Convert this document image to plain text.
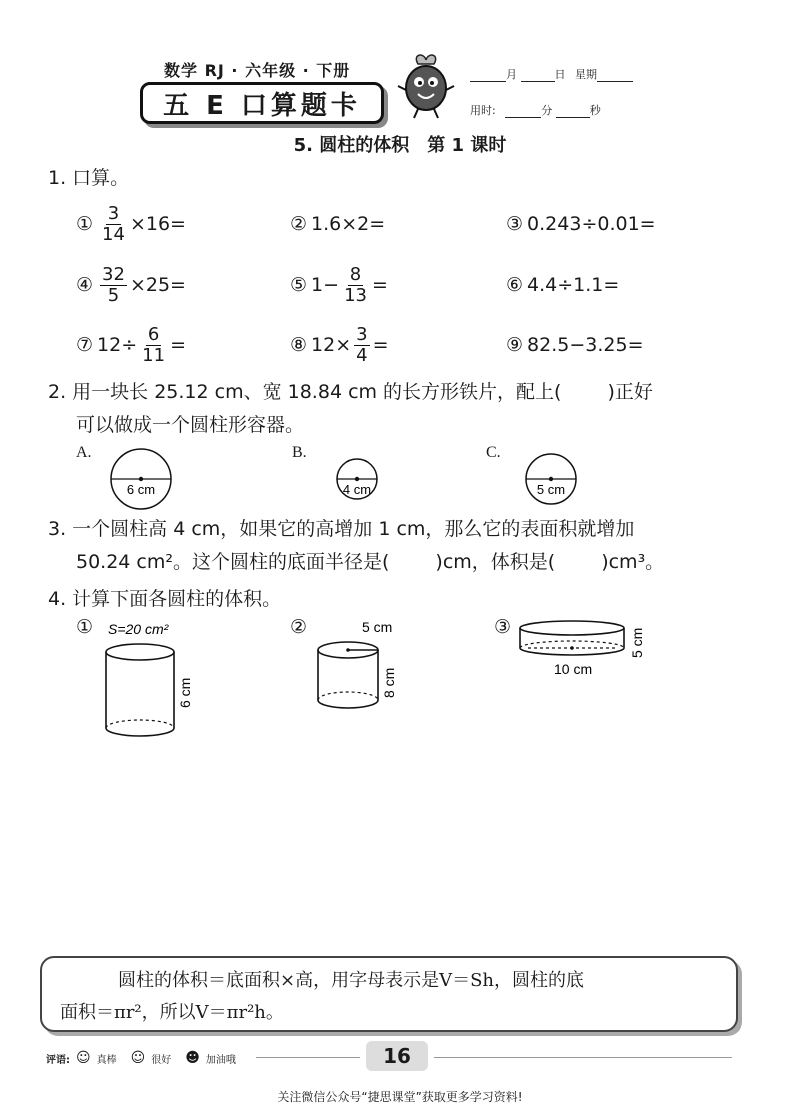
数学 RJ · 六年级 · 下册
五 E 口算题卡
月	日 星期
用时:	分	秒
5. 圆柱的体积　第 1 课时
1. 口算。
① $\frac{3}{14} \times 16=$	② 1.6×2=	③ 0.243÷0.01=
④ $\frac{32}{5} \times 25=$	⑤ $1- \frac{8}{13}$ =	⑥ 4.4÷1.1=
⑦ $12\div \frac{6}{11}$ =	⑧ $12\times \frac{3}{4}$ =	⑨ 82.5−3.25=
2. 用一块长 25.12 cm、宽 18.84 cm 的长方形铁片，配上( )正好
可以做成一个圆柱形容器。
A.
6 cm
B.
4 cm
C.
5 cm
3. 一个圆柱高 4 cm，如果它的高增加 1 cm，那么它的表面积就增加
50.24 cm²。这个圆柱的底面半径是( )cm，体积是( )cm³。
4. 计算下面各圆柱的体积。
① S=20 cm²
6 cm
②	5 cm
8 cm
③
10 cm
5 cm
圆柱的体积＝底面积×高，用字母表示是V＝Sh，圆柱的底
面积＝πr²，所以V＝πr²h。
评语: ☺ 真棒 ☺ 很好 ☻ 加油哦	16
关注微信公众号“捷思课堂”获取更多学习资料!
